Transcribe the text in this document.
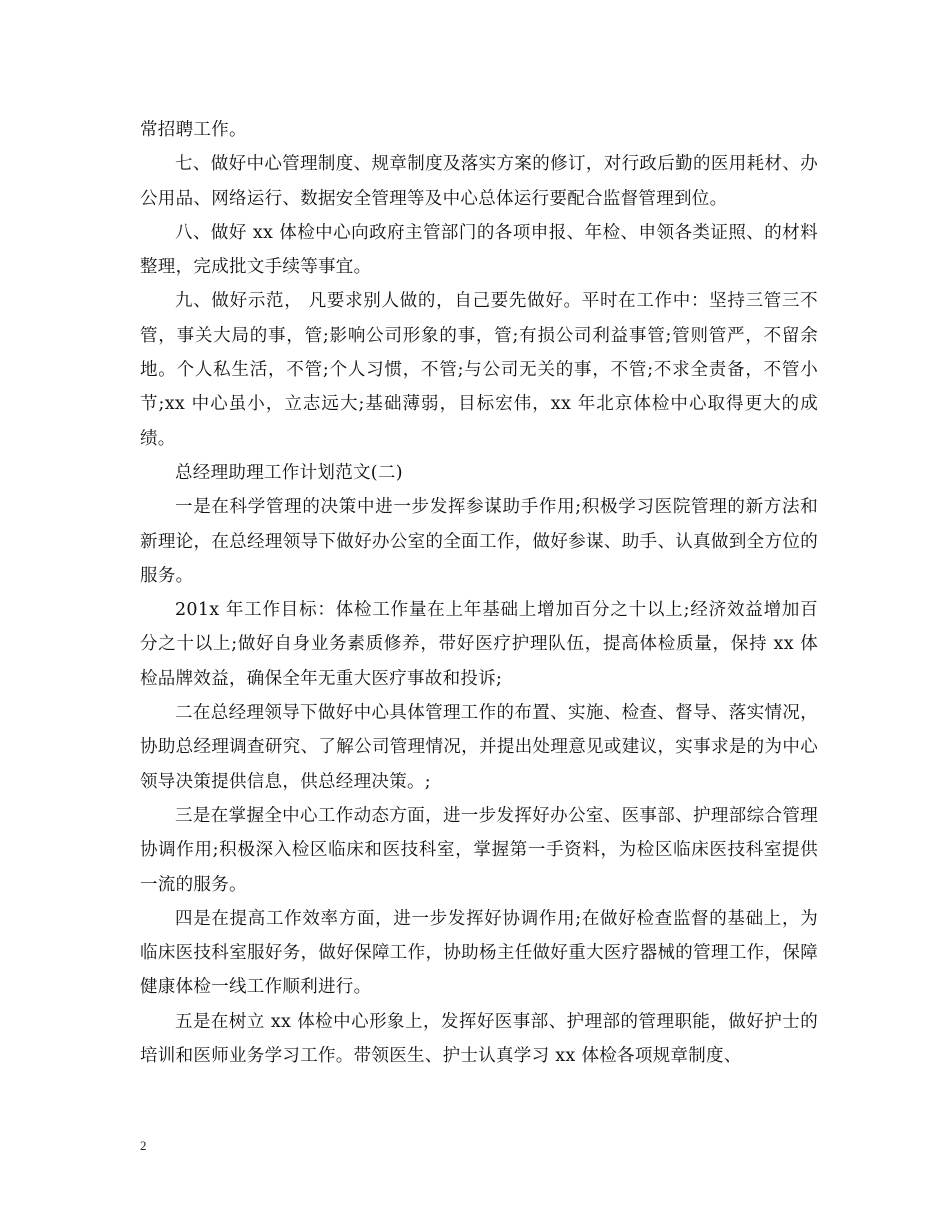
常招聘工作。

七、做好中心管理制度、规章制度及落实方案的修订，对行政后勤的医用耗材、办公用品、网络运行、数据安全管理等及中心总体运行要配合监督管理到位。

八、做好 xx 体检中心向政府主管部门的各项申报、年检、申领各类证照、的材料整理，完成批文手续等事宜。

九、做好示范， 凡要求别人做的，自己要先做好。平时在工作中：坚持三管三不管，事关大局的事，管;影响公司形象的事，管;有损公司利益事管;管则管严，不留余地。个人私生活，不管;个人习惯，不管;与公司无关的事，不管;不求全责备，不管小节;xx 中心虽小，立志远大;基础薄弱，目标宏伟，xx 年北京体检中心取得更大的成绩。

总经理助理工作计划范文(二)

一是在科学管理的决策中进一步发挥参谋助手作用;积极学习医院管理的新方法和新理论，在总经理领导下做好办公室的全面工作，做好参谋、助手、认真做到全方位的服务。

201x 年工作目标：体检工作量在上年基础上增加百分之十以上;经济效益增加百分之十以上;做好自身业务素质修养，带好医疗护理队伍，提高体检质量，保持 xx 体检品牌效益，确保全年无重大医疗事故和投诉;

二在总经理领导下做好中心具体管理工作的布置、实施、检查、督导、落实情况，协助总经理调查研究、了解公司管理情况，并提出处理意见或建议，实事求是的为中心领导决策提供信息，供总经理决策。;

三是在掌握全中心工作动态方面，进一步发挥好办公室、医事部、护理部综合管理协调作用;积极深入检区临床和医技科室，掌握第一手资料，为检区临床医技科室提供一流的服务。

四是在提高工作效率方面，进一步发挥好协调作用;在做好检查监督的基础上，为临床医技科室服好务，做好保障工作，协助杨主任做好重大医疗器械的管理工作，保障健康体检一线工作顺利进行。

五是在树立 xx 体检中心形象上，发挥好医事部、护理部的管理职能，做好护士的培训和医师业务学习工作。带领医生、护士认真学习 xx 体检各项规章制度、

2
